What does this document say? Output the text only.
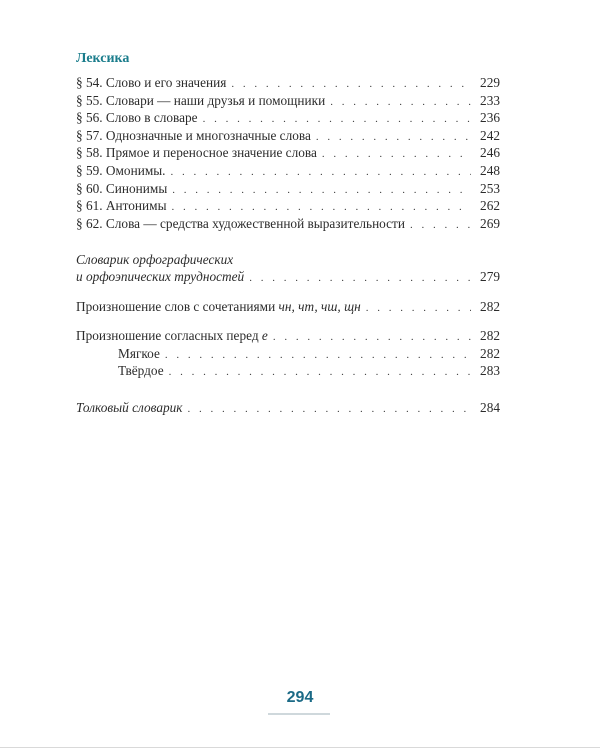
Лексика
§ 54. Слово и его значения . . .	229
§ 55. Словари — наши друзья и помощники . . .	233
§ 56. Слово в словаре . . .	236
§ 57. Однозначные и многозначные слова . . .	242
§ 58. Прямое и переносное значение слова . . .	246
§ 59. Омонимы. . . .	248
§ 60. Синонимы . . .	253
§ 61. Антонимы . . .	262
§ 62. Слова — средства художественной выразительности . . .	269
Словарик орфографических
и орфоэпических трудностей . . .	279
Произношение слов с сочетаниями чн, чт, чш, щн . . .	282
Произношение согласных перед е . . .	282
Мягкое . . .	282
Твёрдое . . .	283
Толковый словарик . . .	284
294
